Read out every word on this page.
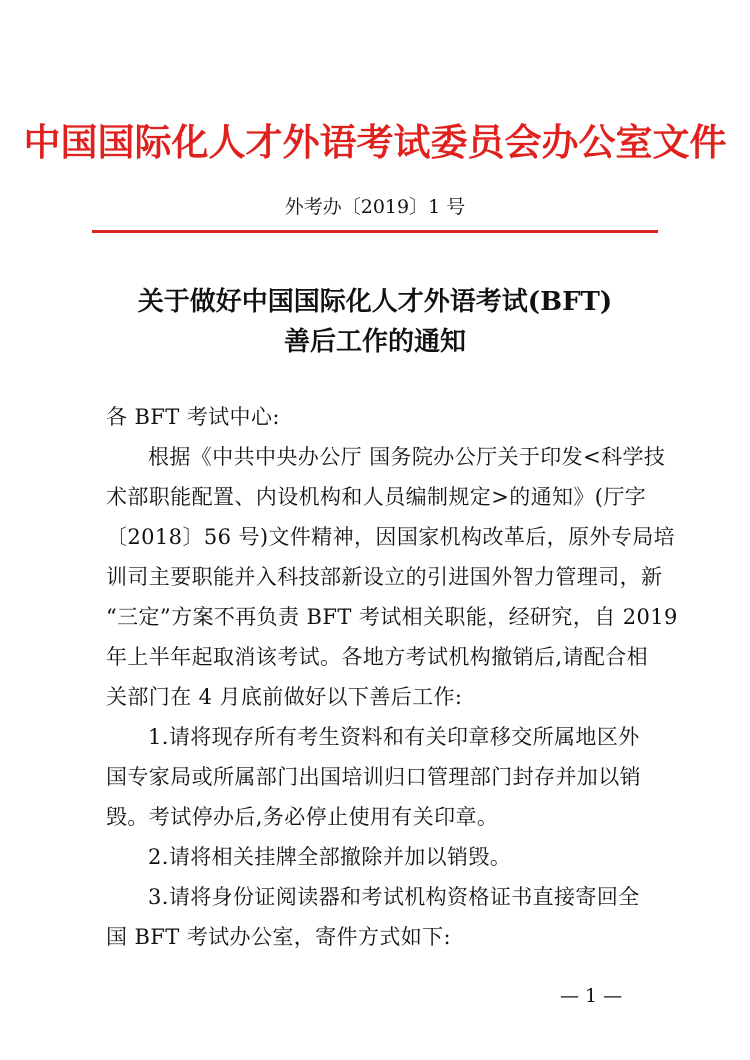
中国国际化人才外语考试委员会办公室文件
外考办〔2019〕1 号
关于做好中国国际化人才外语考试(BFT)
善后工作的通知
各 BFT 考试中心:
根据《中共中央办公厅 国务院办公厅关于印发<科学技
术部职能配置、内设机构和人员编制规定>的通知》(厅字
〔2018〕56 号)文件精神，因国家机构改革后，原外专局培
训司主要职能并入科技部新设立的引进国外智力管理司，新
“三定”方案不再负责 BFT 考试相关职能，经研究，自 2019
年上半年起取消该考试。各地方考试机构撤销后,请配合相
关部门在 4 月底前做好以下善后工作:
1.请将现存所有考生资料和有关印章移交所属地区外
国专家局或所属部门出国培训归口管理部门封存并加以销
毁。考试停办后,务必停止使用有关印章。
2.请将相关挂牌全部撤除并加以销毁。
3.请将身份证阅读器和考试机构资格证书直接寄回全
国 BFT 考试办公室，寄件方式如下:
— 1 —
